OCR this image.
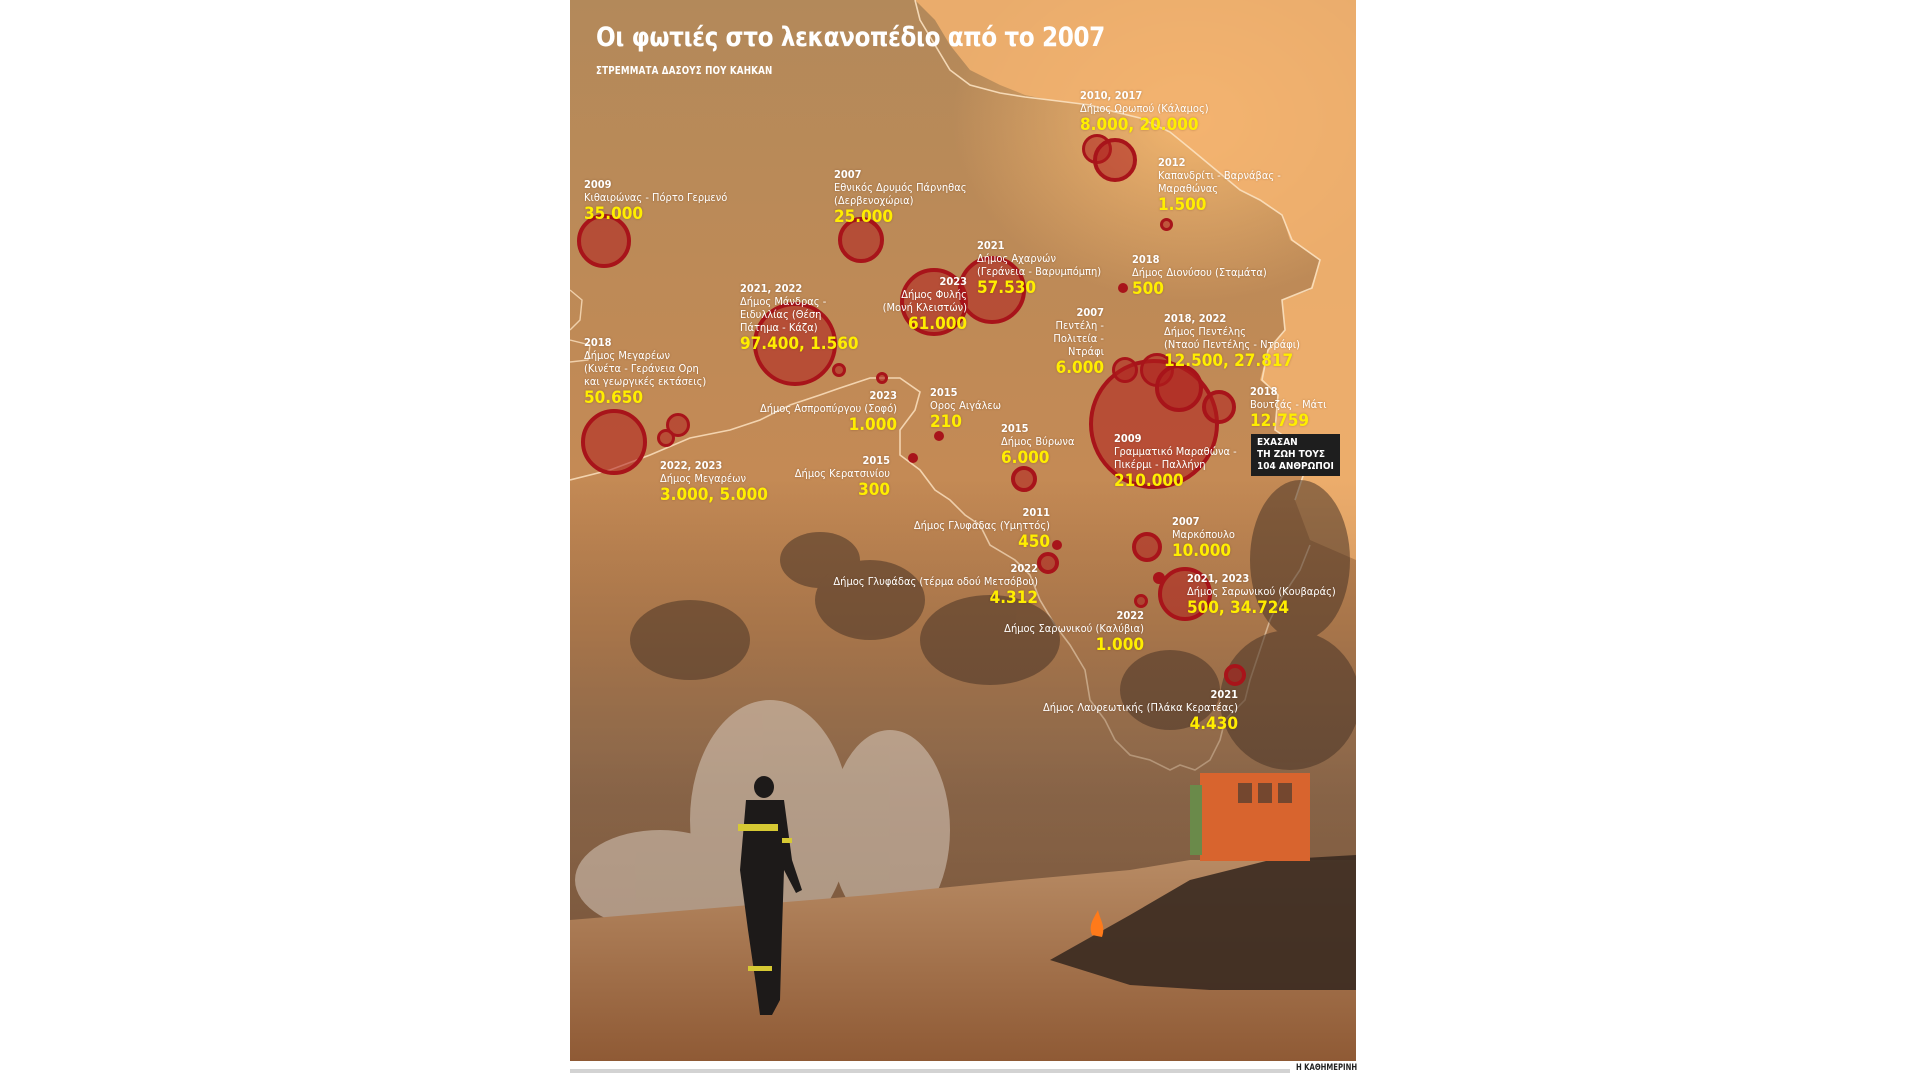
Οι φωτιές στο λεκανοπέδιο από το 2007
ΣΤΡΕΜΜΑΤΑ ΔΑΣΟΥΣ ΠΟΥ ΚΑΗΚΑΝ
2009
Κιθαιρώνας - Πόρτο Γερμενό
35.000
2007
Εθνικός Δρυμός Πάρνηθας
(Δερβενοχώρια)
25.000
2010, 2017
Δήμος Ωρωπού (Κάλαμος)
8.000, 20.000
2012
Καπανδρίτι - Βαρνάβας -
Μαραθώνας
1.500
2021
Δήμος Αχαρνών
(Γεράνεια - Βαρυμπόμπη)
57.530
2023
Δήμος Φυλής
(Μονή Κλειστών)
61.000
2018
Δήμος Διονύσου (Σταμάτα)
500
2021, 2022
Δήμος Μάνδρας -
Ειδυλλίας (Θέση
Πάτημα - Κάζα)
97.400, 1.560
2018
Δήμος Μεγαρέων
(Κινέτα - Γεράνεια Ορη
και γεωργικές εκτάσεις)
50.650
2022, 2023
Δήμος Μεγαρέων
3.000, 5.000
2023
Δήμος Ασπροπύργου (Σοφό)
1.000
2015
Ορος Αιγάλεω
210
2015
Δήμος Κερατσινίου
300
2015
Δήμος Βύρωνα
6.000
2007
Πεντέλη -
Πολιτεία -
Ντράφι
6.000
2018, 2022
Δήμος Πεντέλης
(Νταού Πεντέλης - Ντράφι)
12.500, 27.817
2018
Βουτζάς - Μάτι
12.759
2009
Γραμματικό Μαραθώνα -
Πικέρμι - Παλλήνη
210.000
2011
Δήμος Γλυφάδας (Υμηττός)
450
2022
Δήμος Γλυφάδας (τέρμα οδού Μετσόβου)
4.312
2007
Μαρκόπουλο
10.000
2021, 2023
Δήμος Σαρωνικού (Κουβαράς)
500, 34.724
2022
Δήμος Σαρωνικού (Καλύβια)
1.000
2021
Δήμος Λαυρεωτικής (Πλάκα Κερατέας)
4.430
ΕΧΑΣΑΝ
ΤΗ ΖΩΗ ΤΟΥΣ
104 ΑΝΘΡΩΠΟΙ
Η ΚΑΘΗΜΕΡΙΝΗ
